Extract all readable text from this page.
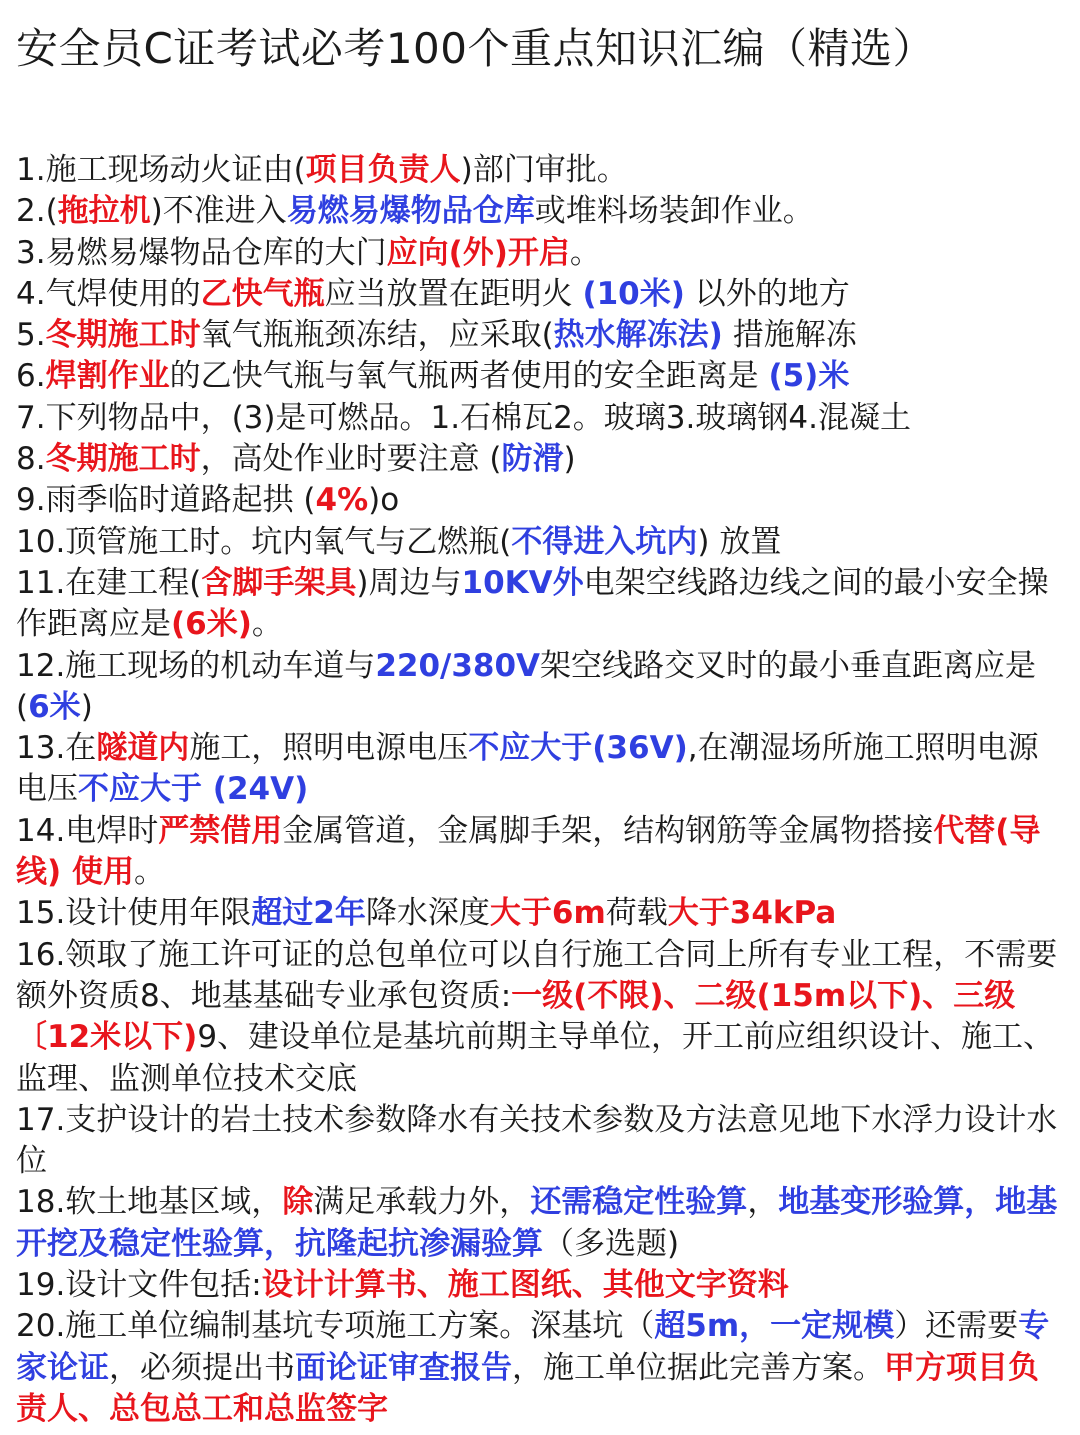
安全员C证考试必考100个重点知识汇编（精选）

1.施工现场动火证由(项目负责人)部门审批。

2.(拖拉机)不准进入易燃易爆物品仓库或堆料场装卸作业。

3.易燃易爆物品仓库的大门应向(外)开启。

4.气焊使用的乙快气瓶应当放置在距明火 (10米) 以外的地方

5.冬期施工时氧气瓶瓶颈冻结，应采取(热水解冻法) 措施解冻

6.焊割作业的乙快气瓶与氧气瓶两者使用的安全距离是 (5)米

7.下列物品中，(3)是可燃品。1.石棉瓦2。玻璃3.玻璃钢4.混凝土

8.冬期施工时，高处作业时要注意 (防滑)

9.雨季临时道路起拱 (4%)o

10.顶管施工时。坑内氧气与乙燃瓶(不得进入坑内) 放置

11.在建工程(含脚手架具)周边与10KV外电架空线路边线之间的最小安全操作距离应是(6米)。

12.施工现场的机动车道与220/380V架空线路交叉时的最小垂直距离应是(6米)

13.在隧道内施工，照明电源电压不应大于(36V),在潮湿场所施工照明电源电压不应大于 (24V)

14.电焊时严禁借用金属管道，金属脚手架，结构钢筋等金属物搭接代替(导线) 使用。

15.设计使用年限超过2年降水深度大于6m荷载大于34kPa

16.领取了施工许可证的总包单位可以自行施工合同上所有专业工程，不需要额外资质8、地基基础专业承包资质:一级(不限)、二级(15m以下)、三级〔12米以下)9、建设单位是基坑前期主导单位，开工前应组织设计、施工、监理、监测单位技术交底

17.支护设计的岩土技术参数降水有关技术参数及方法意见地下水浮力设计水位

18.软土地基区域，除满足承载力外，还需稳定性验算，地基变形验算，地基开挖及稳定性验算，抗隆起抗渗漏验算（多选题)

19.设计文件包括:设计计算书、施工图纸、其他文字资料

20.施工单位编制基坑专项施工方案。深基坑（超5m，一定规模）还需要专家论证，必须提出书面论证审查报告，施工单位据此完善方案。甲方项目负责人、总包总工和总监签字
